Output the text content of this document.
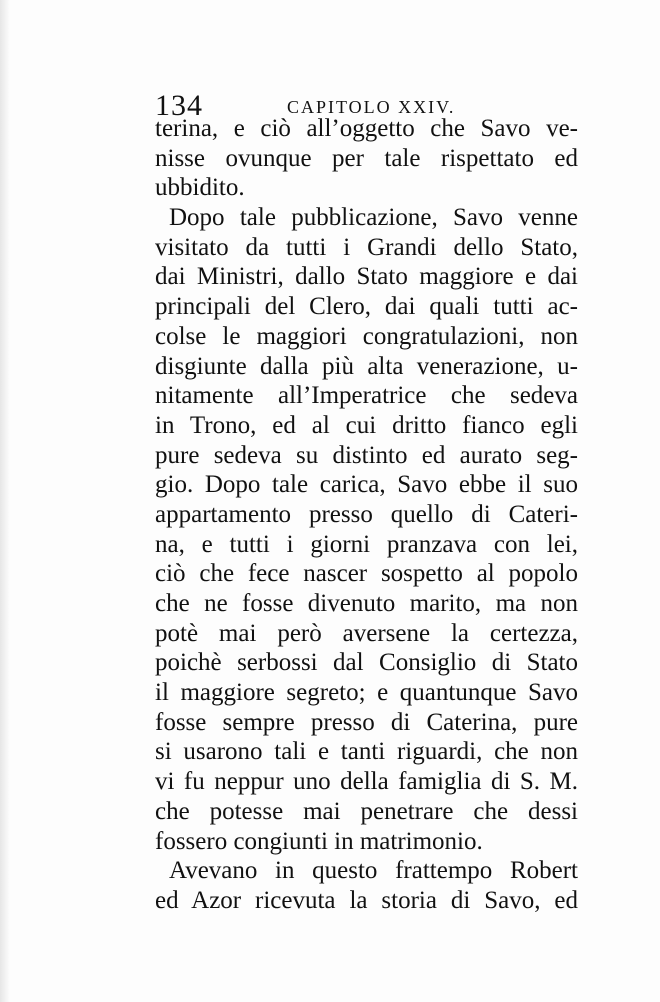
134	CAPITOLO XXIV.
terina, e ciò all’oggetto che Savo ve-
nisse ovunque per tale rispettato ed
ubbidito.
Dopo tale pubblicazione, Savo venne
visitato da tutti i Grandi dello Stato,
dai Ministri, dallo Stato maggiore e dai
principali del Clero, dai quali tutti ac-
colse le maggiori congratulazioni, non
disgiunte dalla più alta venerazione, u-
nitamente all’Imperatrice che sedeva
in Trono, ed al cui dritto fianco egli
pure sedeva su distinto ed aurato seg-
gio. Dopo tale carica, Savo ebbe il suo
appartamento presso quello di Cateri-
na, e tutti i giorni pranzava con lei,
ciò che fece nascer sospetto al popolo
che ne fosse divenuto marito, ma non
potè mai però aversene la certezza,
poichè serbossi dal Consiglio di Stato
il maggiore segreto; e quantunque Savo
fosse sempre presso di Caterina, pure
si usarono tali e tanti riguardi, che non
vi fu neppur uno della famiglia di S. M.
che potesse mai penetrare che dessi
fossero congiunti in matrimonio.
Avevano in questo frattempo Robert
ed Azor ricevuta la storia di Savo, ed
